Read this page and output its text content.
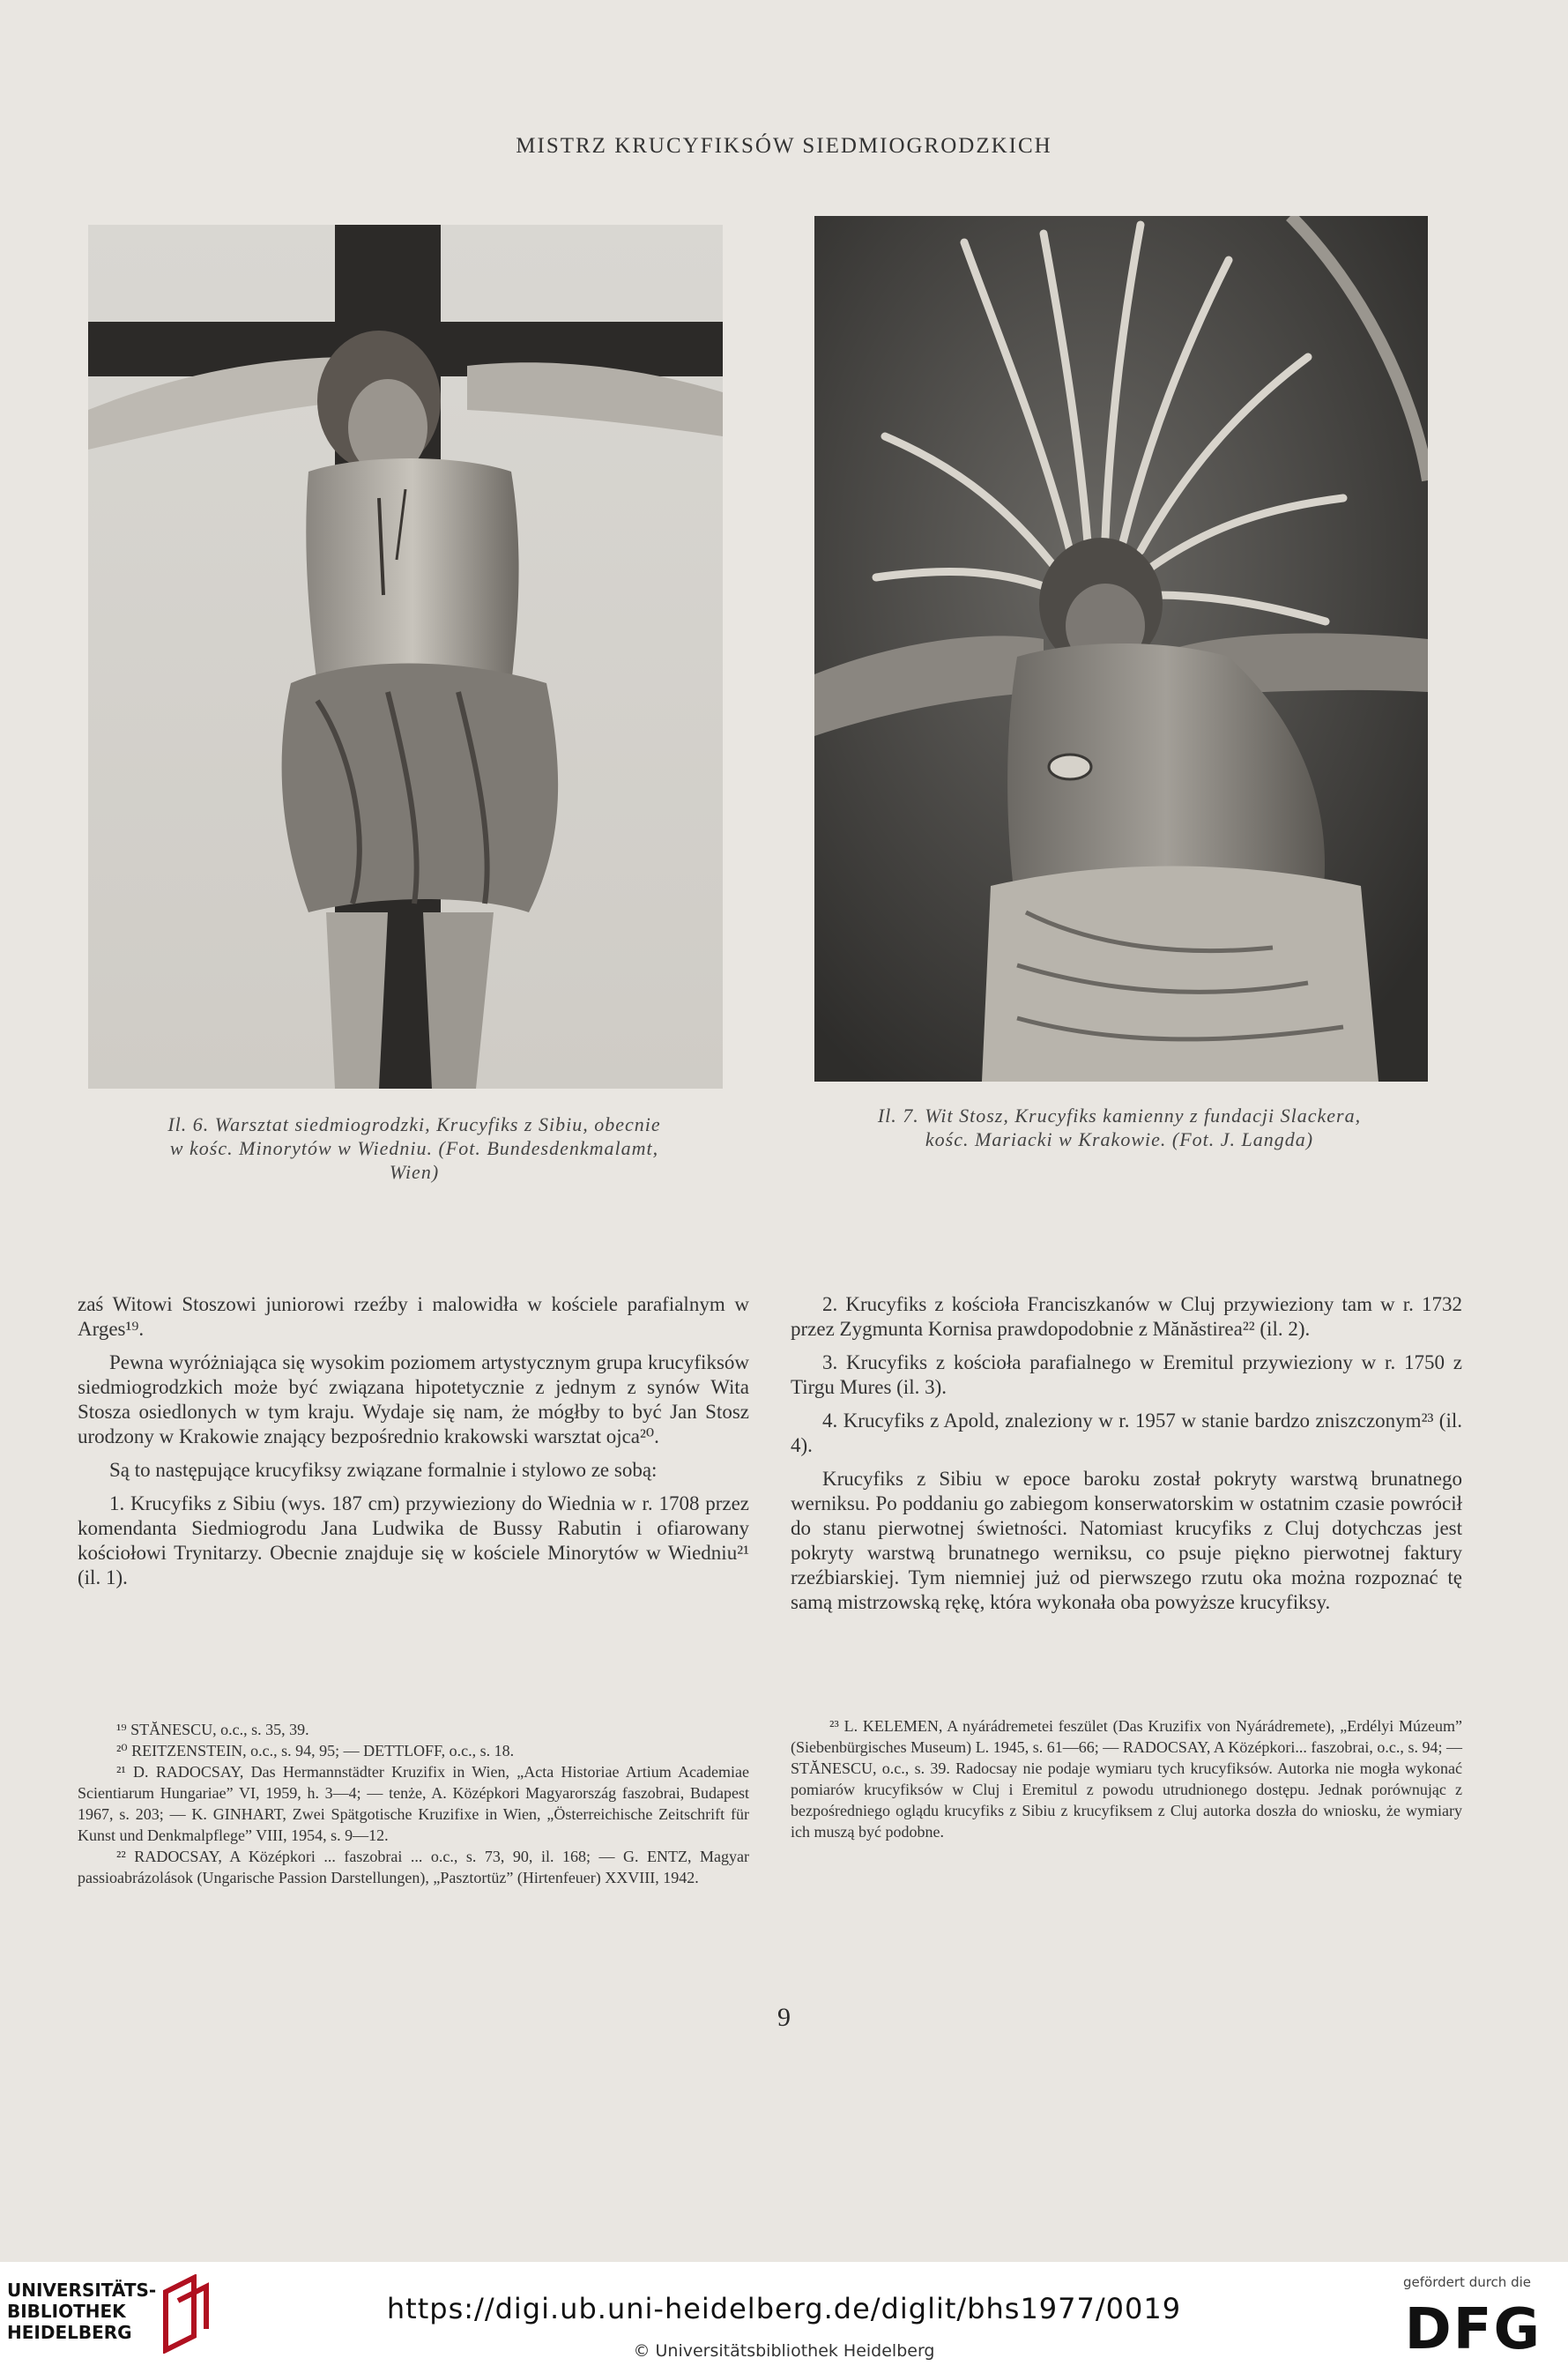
MISTRZ KRUCYFIKSÓW SIEDMIOGRODZKICH
Il. 6. Warsztat siedmiogrodzki, Krucyfiks z Sibiu, obecnie
w kośc. Minorytów w Wiedniu. (Fot. Bundesdenkmalamt,
Wien)
Il. 7. Wit Stosz, Krucyfiks kamienny z fundacji Slackera,
kośc. Mariacki w Krakowie. (Fot. J. Langda)

zaś Witowi Stoszowi juniorowi rzeźby i malowidła w kościele parafialnym w Arges¹⁹.

Pewna wyróżniająca się wysokim poziomem artystycznym grupa krucyfiksów siedmiogrodzkich może być związana hipotetycznie z jednym z synów Wita Stosza osiedlonych w tym kraju. Wydaje się nam, że mógłby to być Jan Stosz urodzony w Krakowie znający bezpośrednio krakowski warsztat ojca²⁰.

Są to następujące krucyfiksy związane formalnie i stylowo ze sobą:

1. Krucyfiks z Sibiu (wys. 187 cm) przywieziony do Wiednia w r. 1708 przez komendanta Siedmiogrodu Jana Ludwika de Bussy Rabutin i ofiarowany kościołowi Trynitarzy. Obecnie znajduje się w kościele Minorytów w Wiedniu²¹ (il. 1).

2. Krucyfiks z kościoła Franciszkanów w Cluj przywieziony tam w r. 1732 przez Zygmunta Kornisa prawdopodobnie z Mănăstirea²² (il. 2).

3. Krucyfiks z kościoła parafialnego w Eremitul przywieziony w r. 1750 z Tirgu Mures (il. 3).

4. Krucyfiks z Apold, znaleziony w r. 1957 w stanie bardzo zniszczonym²³ (il. 4).

Krucyfiks z Sibiu w epoce baroku został pokryty warstwą brunatnego werniksu. Po poddaniu go zabiegom konserwatorskim w ostatnim czasie powrócił do stanu pierwotnej świetności. Natomiast krucyfiks z Cluj dotychczas jest pokryty warstwą brunatnego werniksu, co psuje piękno pierwotnej faktury rzeźbiarskiej. Tym niemniej już od pierwszego rzutu oka można rozpoznać tę samą mistrzowską rękę, która wykonała oba powyższe krucyfiksy.

¹⁹ STĂNESCU, o.c., s. 35, 39.

²⁰ REITZENSTEIN, o.c., s. 94, 95; — DETTLOFF, o.c., s. 18.

²¹ D. RADOCSAY, Das Hermannstädter Kruzifix in Wien, „Acta Historiae Artium Academiae Scientiarum Hungariae” VI, 1959, h. 3—4; — tenże, A. Középkori Magyarország faszobrai, Budapest 1967, s. 203; — K. GINHART, Zwei Spätgotische Kruzifixe in Wien, „Österreichische Zeitschrift für Kunst und Denkmalpflege” VIII, 1954, s. 9—12.

²² RADOCSAY, A Középkori ... faszobrai ... o.c., s. 73, 90, il. 168; — G. ENTZ, Magyar passioabrázolások (Ungarische Passion Darstellungen), „Pasztortüz” (Hirtenfeuer) XXVIII, 1942.

²³ L. KELEMEN, A nyárádremetei feszület (Das Kruzifix von Nyárádremete), „Erdélyi Múzeum” (Siebenbürgisches Museum) L. 1945, s. 61—66; — RADOCSAY, A Középkori... faszobrai, o.c., s. 94; — STĂNESCU, o.c., s. 39. Radocsay nie podaje wymiaru tych krucyfiksów. Autorka nie mogła wykonać pomiarów krucyfiksów w Cluj i Eremitul z powodu utrudnionego dostępu. Jednak porównując z bezpośredniego oglądu krucyfiks z Sibiu z krucyfiksem z Cluj autorka doszła do wniosku, że wymiary ich muszą być podobne.

9
UNIVERSITÄTS-
BIBLIOTHEK
HEIDELBERG
https://digi.ub.uni-heidelberg.de/diglit/bhs1977/0019
© Universitätsbibliothek Heidelberg
gefördert durch die
DFG
